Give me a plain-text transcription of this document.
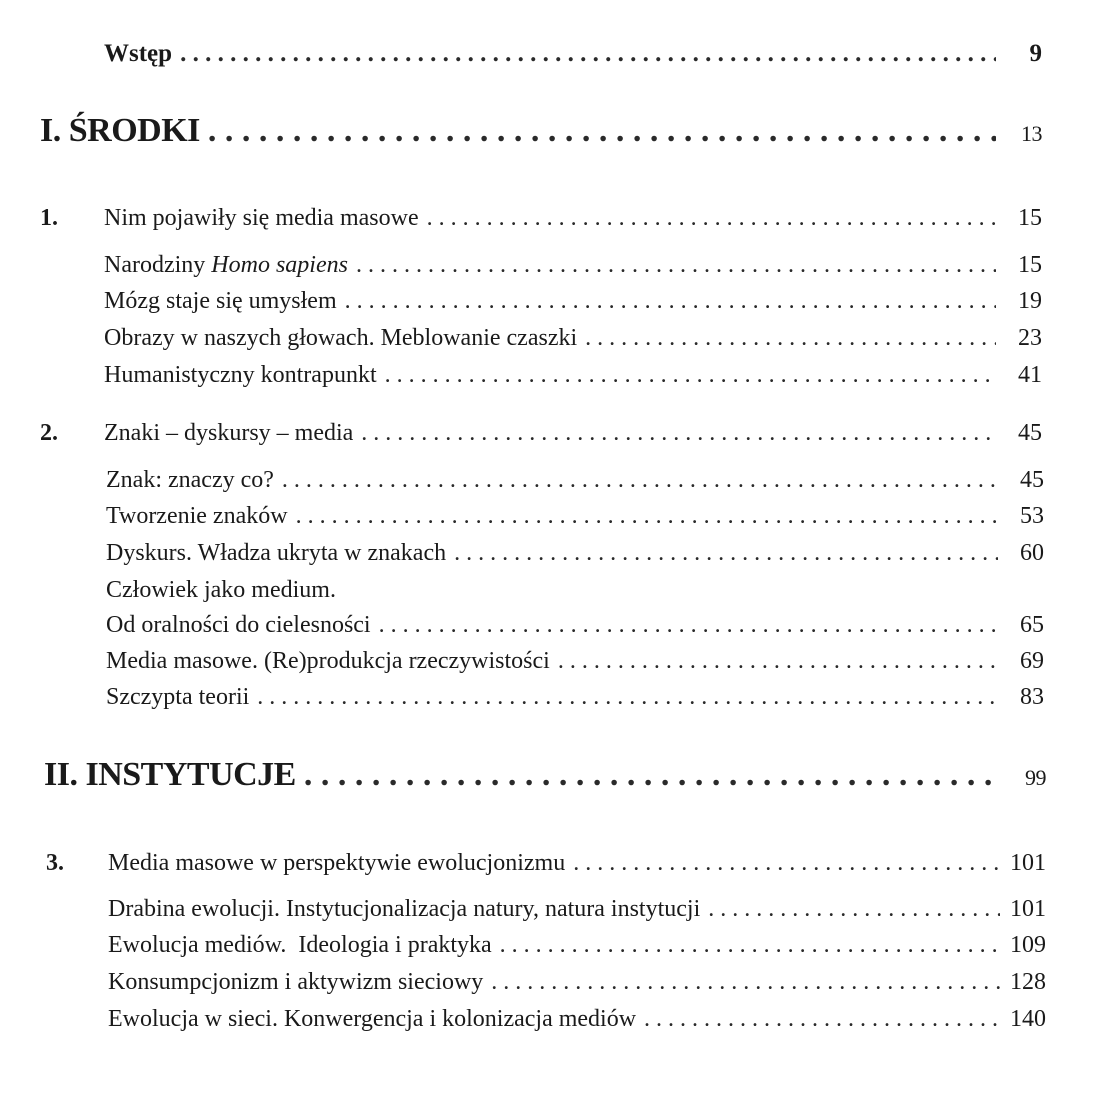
Wstęp . . .	9
I. ŚRODKI . . .	13
1. Nim pojawiły się media masowe . . .	15
Narodziny Homo sapiens . . .	15
Mózg staje się umysłem . . .	19
Obrazy w naszych głowach. Meblowanie czaszki . . .	23
Humanistyczny kontrapunkt . . .	41
2. Znaki – dyskursy – media . . .	45
Znak: znaczy co? . . .	45
Tworzenie znaków . . .	53
Dyskurs. Władza ukryta w znakach . . .	60
Człowiek jako medium.
Od oralności do cielesności . . .	65
Media masowe. (Re)produkcja rzeczywistości . . .	69
Szczypta teorii . . .	83
II. INSTYTUCJE . . .	99
3. Media masowe w perspektywie ewolucjonizmu . . .	101
Drabina ewolucji. Instytucjonalizacja natury, natura instytucji . . .	101
Ewolucja mediów.  Ideologia i praktyka . . .	109
Konsumpcjonizm i aktywizm sieciowy . . .	128
Ewolucja w sieci. Konwergencja i kolonizacja mediów . . .	140
